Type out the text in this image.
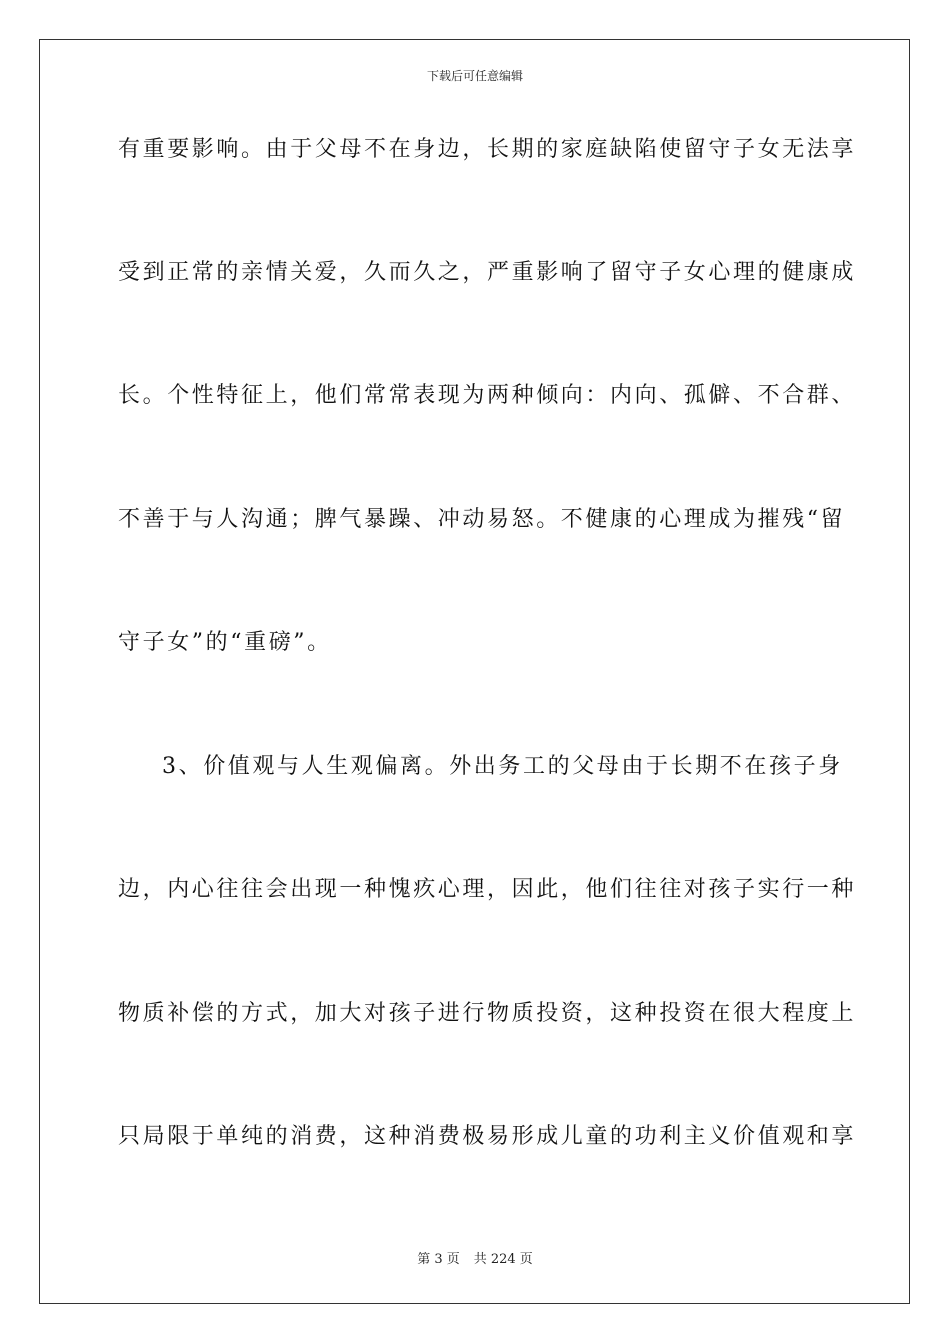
下载后可任意编辑
有重要影响。由于父母不在身边，长期的家庭缺陷使留守子女无法享
受到正常的亲情关爱，久而久之，严重影响了留守子女心理的健康成
长。个性特征上，他们常常表现为两种倾向：内向、孤僻、不合群、
不善于与人沟通；脾气暴躁、冲动易怒。不健康的心理成为摧残“留
守子女”的“重磅”。
3、价值观与人生观偏离。外出务工的父母由于长期不在孩子身
边，内心往往会出现一种愧疚心理，因此，他们往往对孩子实行一种
物质补偿的方式，加大对孩子进行物质投资，这种投资在很大程度上
只局限于单纯的消费，这种消费极易形成儿童的功利主义价值观和享
第 3 页 共 224 页
